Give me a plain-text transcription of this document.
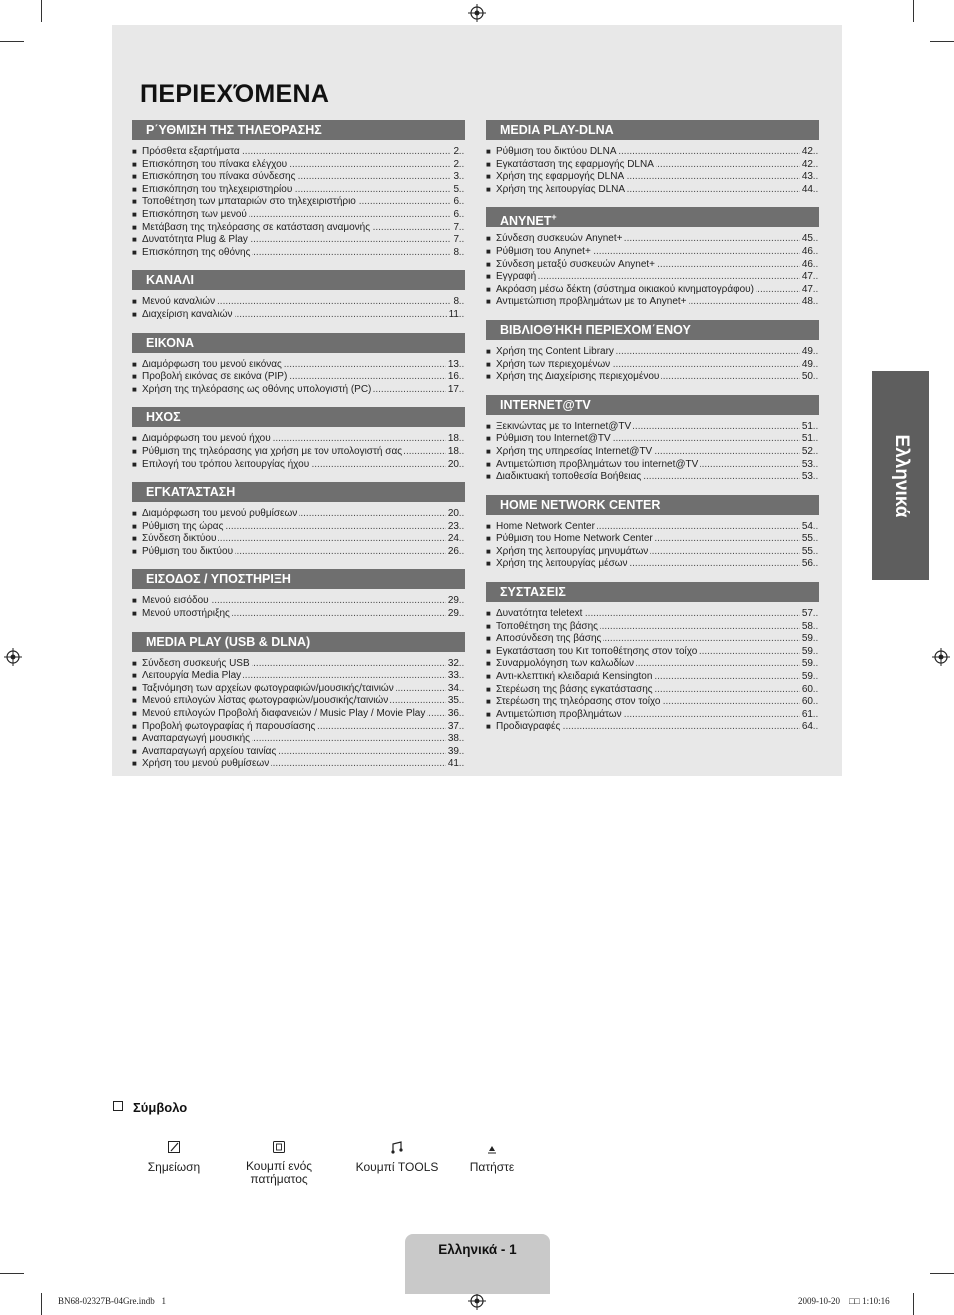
ΠΕΡΙΕΧΌΜΕΝΑ
Ρ΄ΥΘΜΙΣΗ ΤΗΣ ΤΗΛΕΌΡΑΣΗΣ
■ ..... Πρόσθετα εξαρτήματα	2
■ ..... Επισκόπηση του πίνακα ελέγχου	2
■ ..... Επισκόπηση του πίνακα σύνδεσης	3
■ ..... Επισκόπηση του τηλεχειριστηρίου	5
■ ..... Τοποθέτηση των μπαταριών στο τηλεχειριστήριο	6
■ ..... Επισκόπηση των μενού	6
■ ..... Μετάβαση της τηλεόρασης σε κατάσταση αναμονής	7
■ ..... Δυνατότητα Plug & Play	7
■ ..... Επισκόπηση της οθόνης	8
ΚΑΝΑΛΙ
■ ..... Μενού καναλιών	8
■ ..... Διαχείριση καναλιών	11
ΕΙΚΟΝΑ
■ ..... Διαμόρφωση του μενού εικόνας	13
■ ..... Προβολή εικόνας σε εικόνα (PIP)	16
■ ..... Χρήση της τηλεόρασης ως οθόνης υπολογιστή (PC)	17
ΗΧΟΣ
■ ..... Διαμόρφωση του μενού ήχου	18
■ ..... Ρύθμιση της τηλεόρασης για χρήση με τον υπολογιστή σας	18
■ ..... Επιλογή του τρόπου λειτουργίας ήχου	20
ΕΓΚΑΤΆΣΤΑΣΗ
■ ..... Διαμόρφωση του μενού ρυθμίσεων	20
■ ..... Ρύθμιση της ώρας	23
■ ..... Σύνδεση δικτύου	24
■ ..... Ρύθμιση του δικτύου	26
ΕΙΣΟΔΟΣ / ΥΠΟΣΤΗΡΙΞΗ
■ ..... Μενού εισόδου	29
■ ..... Μενού υποστήριξης	29
MEDIA PLAY (USB & DLNA)
■ ..... Σύνδεση συσκευής USB	32
■ ..... Λειτουργία Media Play	33
■ ..... Ταξινόμηση των αρχείων φωτογραφιών/μουσικής/ταινιών	34
■ ..... Μενού επιλογών λίστας φωτογραφιών/μουσικής/ταινιών	35
■ ..... Μενού επιλογών Προβολή διαφανειών / Music Play / Movie Play 36
■ ..... Προβολή φωτογραφίας ή παρουσίασης	37
■ ..... Αναπαραγωγή μουσικής	38
■ ..... Αναπαραγωγή αρχείου ταινίας	39
■ ..... Χρήση του μενού ρυθμίσεων	41
MEDIA PLAY-DLNA
■ ..... Ρύθμιση του δικτύου DLNA	42
■ ..... Εγκατάσταση της εφαρμογής DLNA	42
■ ..... Χρήση της εφαρμογής DLNA	43
■ ..... Χρήση της λειτουργίας DLNA	44
ANYNET+
■ ..... Σύνδεση συσκευών Anynet+	45
■ ..... Ρύθμιση του Anynet+	46
■ ..... Σύνδεση μεταξύ συσκευών Anynet+	46
■ ..... Εγγραφή	47
■ ..... Ακρόαση μέσω δέκτη (σύστημα οικιακού κινηματογράφου)	47
■ ..... Αντιμετώπιση προβλημάτων με το Anynet+	48
ΒΙΒΛΙΟΘΉΚΗ ΠΕΡΙΕΧΟΜ΄ΕΝΟΥ
■ ..... Χρήση της Content Library	49
■ ..... Χρήση των περιεχομένων	49
■ ..... Χρήση της Διαχείρισης περιεχομένου	50
INTERNET@TV
■ ..... Ξεκινώντας με το Internet@TV	51
■ ..... Ρύθμιση του Internet@TV	51
■ ..... Χρήση της υπηρεσίας Internet@TV	52
■ ..... Αντιμετώπιση προβλημάτων του internet@TV	53
■ ..... Διαδικτυακή τοποθεσία Βοήθειας	53
HOME NETWORK CENTER
■ ..... Home Network Center	54
■ ..... Ρύθμιση του Home Network Center	55
■ ..... Χρήση της λειτουργίας μηνυμάτων	55
■ ..... Χρήση της λειτουργίας μέσων	56
ΣΥΣΤΑΣΕΙΣ
■ ..... Δυνατότητα teletext	57
■ ..... Τοποθέτηση της βάσης	58
■ ..... Αποσύνδεση της βάσης	59
■ ..... Εγκατάσταση του Κιτ τοποθέτησης στον τοίχο	59
■ ..... Συναρμολόγηση των καλωδίων	59
■ ..... Αντι-κλεπτική κλειδαριά Kensington	59
■ ..... Στερέωση της βάσης εγκατάστασης	60
■ ..... Στερέωση της τηλεόρασης στον τοίχο	60
■ ..... Αντιμετώπιση προβλημάτων	61
■ ..... Προδιαγραφές	64
Ελληνικά
Σύμβολο
Σημείωση	Κουμπί ενός πατήματος
Κουμπί TOOLS	Πατήστε
Ελληνικά - 1
BN68-02327B-04Gre.indb 1	2009-10-20 □□ 1:10:16
